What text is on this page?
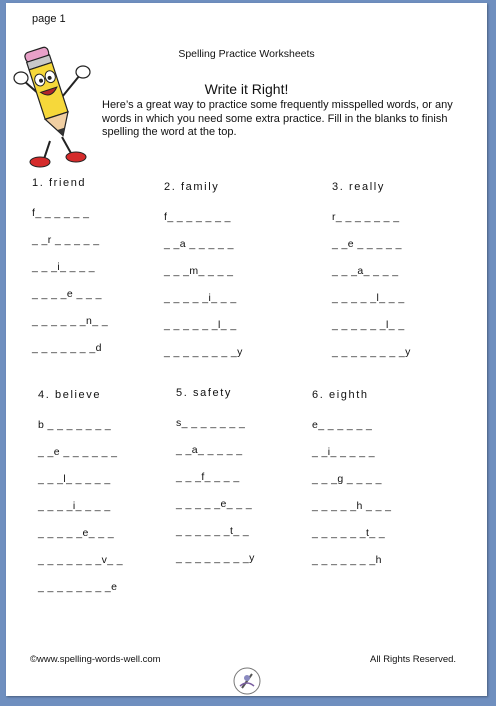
page 1
Spelling Practice Worksheets
Write it Right!
Here’s a great way to practice some frequently misspelled words, or any words in which you need some extra practice. Fill in the blanks to finish spelling the word at the top.
1. friend
f_ _ _ _ _ _
_ _r _ _ _ _ _
_ _ _i_ _ _ _
_ _ _ _e _ _ _
_ _ _ _ _ _n_ _
_ _ _ _ _ _ _d
2. family
f_ _ _ _ _ _ _
_ _a _ _ _ _ _
_ _ _m_ _ _ _
_ _ _ _ _i_ _ _
_ _ _ _ _ _l_ _
_ _ _ _ _ _ _ _y
3. really
r_ _ _ _ _ _ _
_ _e _ _ _ _ _
_ _ _a_ _ _ _
_ _ _ _ _l_ _ _
_ _ _ _ _ _l_ _
_ _ _ _ _ _ _ _y
4. believe
b _ _ _ _ _ _ _
_ _e _ _ _ _ _ _
_ _ _l_ _ _ _ _
_ _ _ _i_ _ _ _
_ _ _ _ _e_ _ _
_ _ _ _ _ _ _v_ _
_ _ _ _ _ _ _ _e
5. safety
s_ _ _ _ _ _ _
_ _a_ _ _ _ _
_ _ _f_ _ _ _
_ _ _ _ _e_ _ _
_ _ _ _ _ _t_ _
_ _ _ _ _ _ _ _y
6. eighth
e_ _ _ _ _ _
_ _i_ _ _ _ _
_ _ _g _ _ _ _
_ _ _ _ _h _ _ _
_ _ _ _ _ _t_ _
_ _ _ _ _ _ _h
©www.spelling-words-well.com	All Rights Reserved.
